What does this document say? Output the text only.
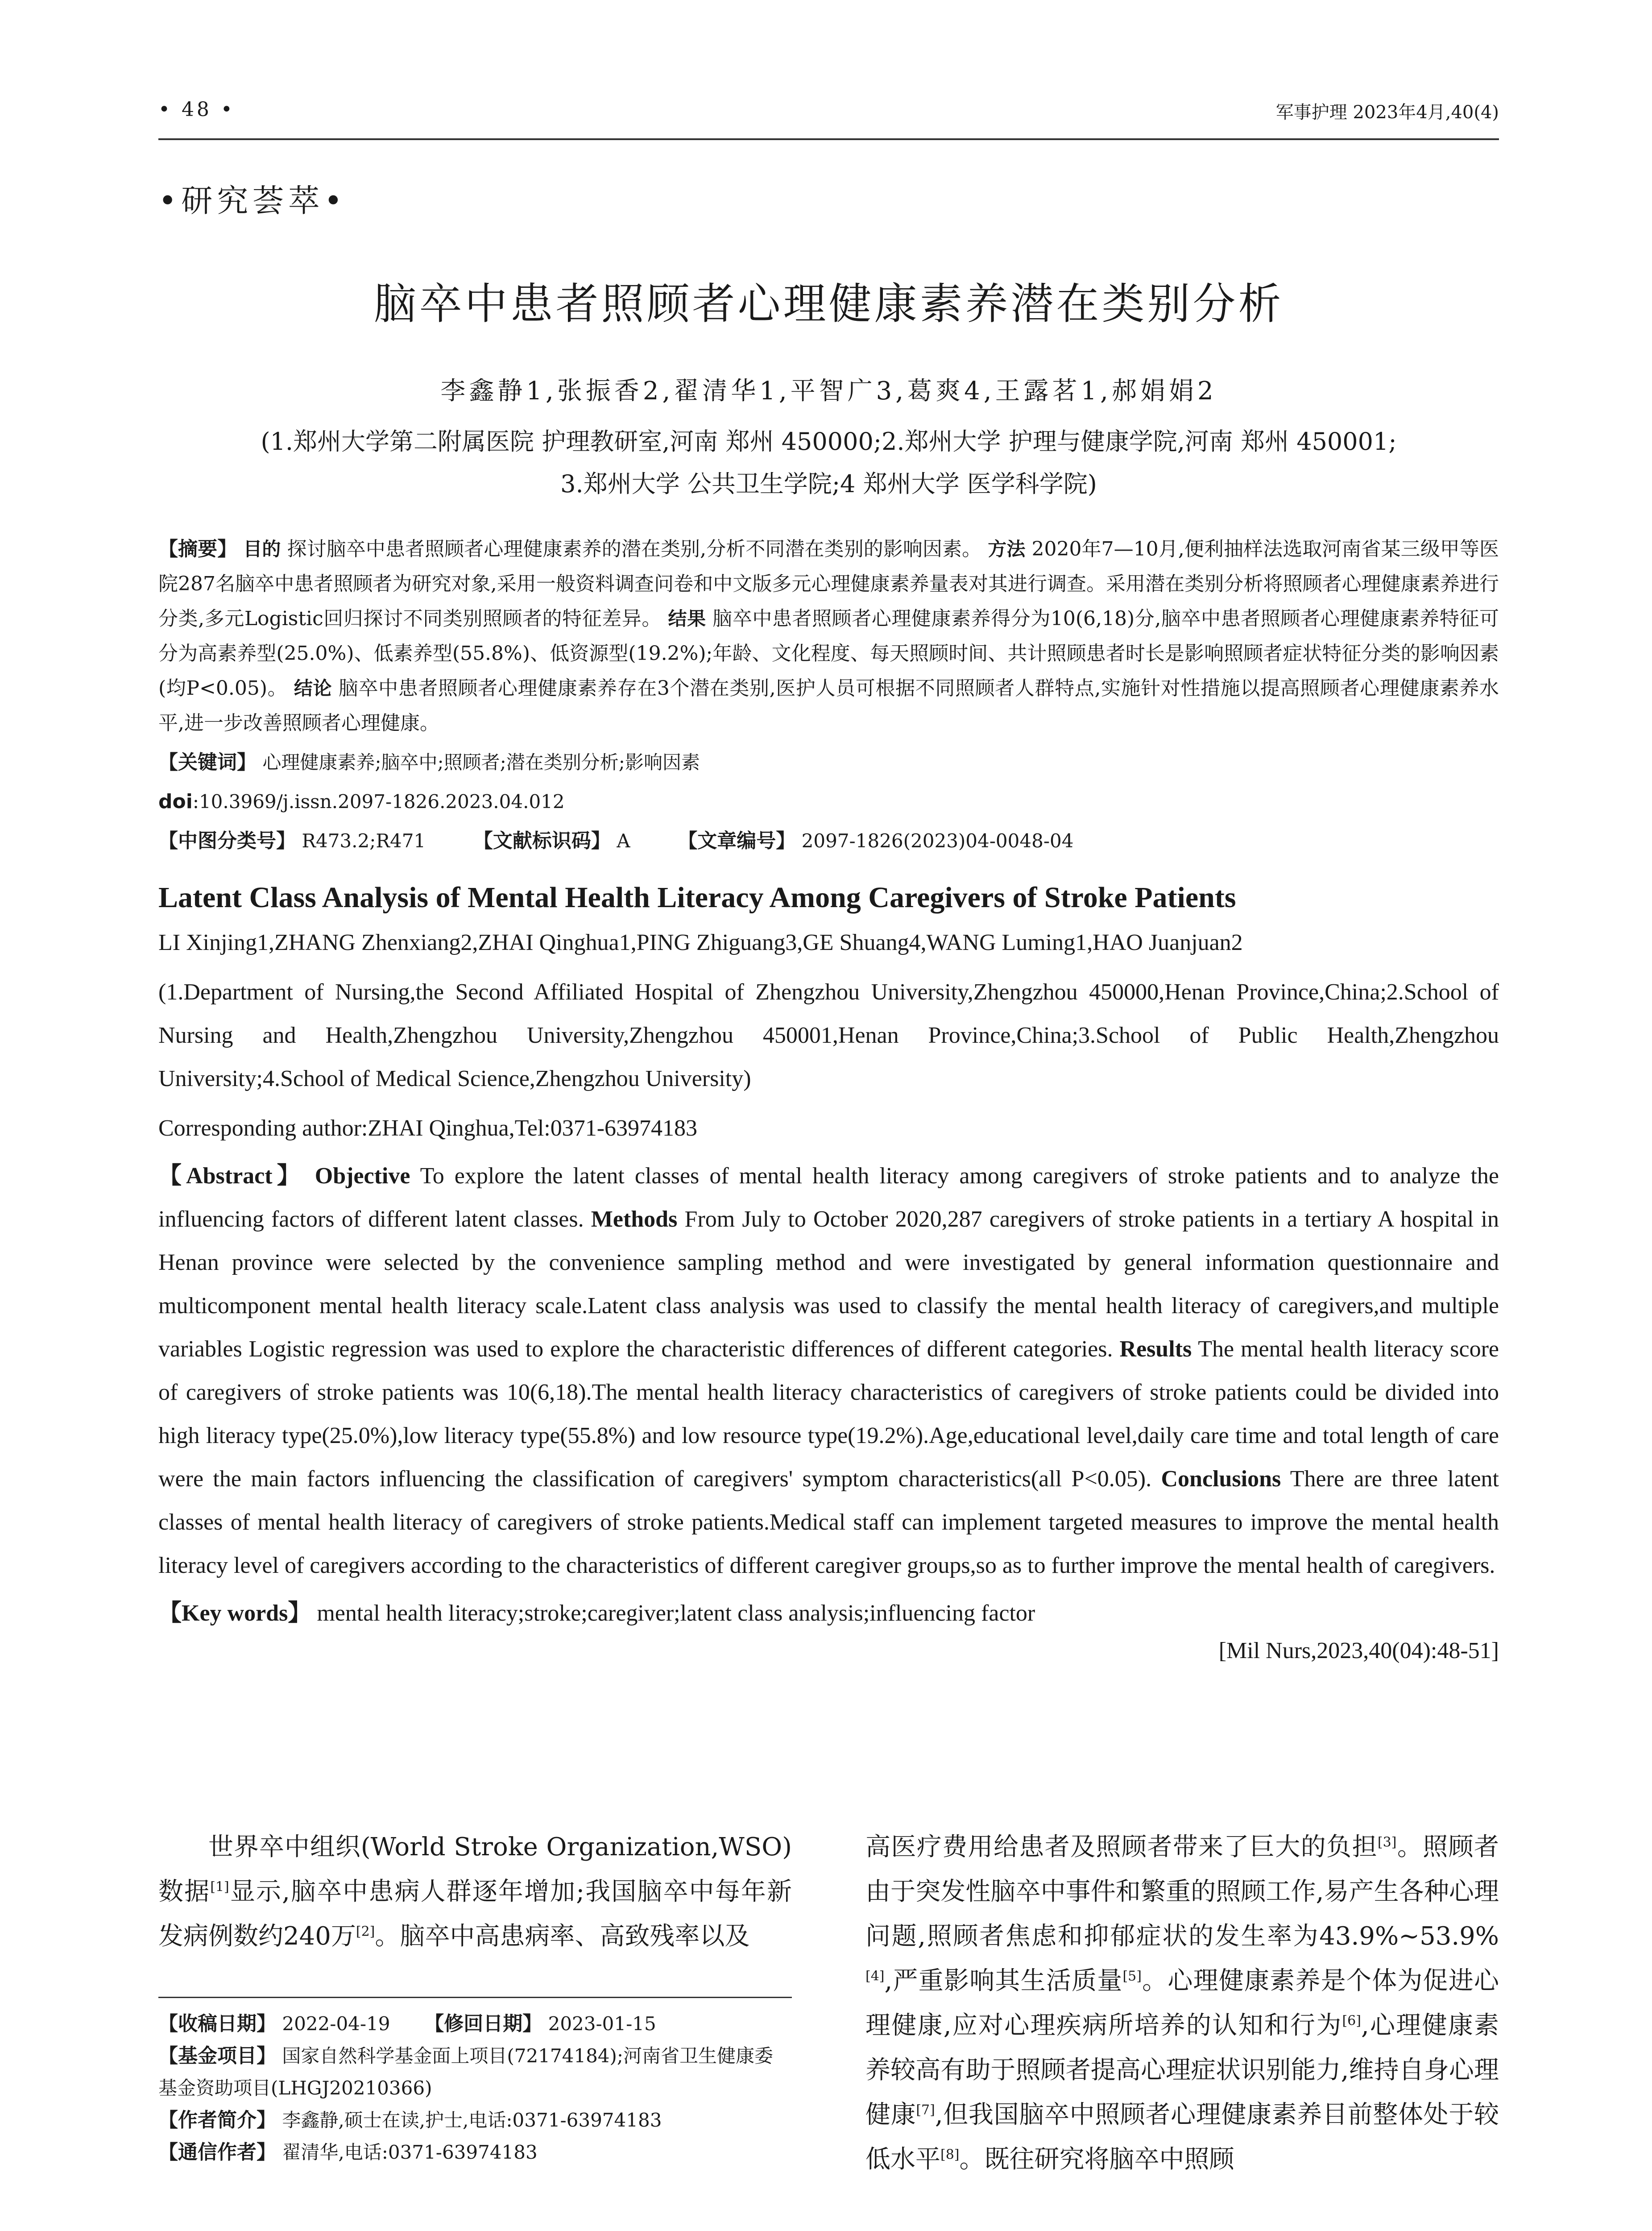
• 48 •	军事护理 2023年4月,40(4)
•研究荟萃•
脑卒中患者照顾者心理健康素养潜在类别分析
李鑫静1,张振香2,翟清华1,平智广3,葛爽4,王露茗1,郝娟娟2
(1.郑州大学第二附属医院 护理教研室,河南 郑州 450000;2.郑州大学 护理与健康学院,河南 郑州 450001;
3.郑州大学 公共卫生学院;4 郑州大学 医学科学院)
【摘要】 目的 探讨脑卒中患者照顾者心理健康素养的潜在类别,分析不同潜在类别的影响因素。 方法 2020年7—10月,便利抽样法选取河南省某三级甲等医院287名脑卒中患者照顾者为研究对象,采用一般资料调查问卷和中文版多元心理健康素养量表对其进行调查。采用潜在类别分析将照顾者心理健康素养进行分类,多元Logistic回归探讨不同类别照顾者的特征差异。 结果 脑卒中患者照顾者心理健康素养得分为10(6,18)分,脑卒中患者照顾者心理健康素养特征可分为高素养型(25.0%)、低素养型(55.8%)、低资源型(19.2%);年龄、文化程度、每天照顾时间、共计照顾患者时长是影响照顾者症状特征分类的影响因素(均P<0.05)。 结论 脑卒中患者照顾者心理健康素养存在3个潜在类别,医护人员可根据不同照顾者人群特点,实施针对性措施以提高照顾者心理健康素养水平,进一步改善照顾者心理健康。
【关键词】 心理健康素养;脑卒中;照顾者;潜在类别分析;影响因素
doi:10.3969/j.issn.2097-1826.2023.04.012
【中图分类号】 R473.2;R471 【文献标识码】 A 【文章编号】 2097-1826(2023)04-0048-04
Latent Class Analysis of Mental Health Literacy Among Caregivers of Stroke Patients
LI Xinjing1,ZHANG Zhenxiang2,ZHAI Qinghua1,PING Zhiguang3,GE Shuang4,WANG Luming1,HAO Juanjuan2
(1.Department of Nursing,the Second Affiliated Hospital of Zhengzhou University,Zhengzhou 450000,Henan Province,China;2.School of Nursing and Health,Zhengzhou University,Zhengzhou 450001,Henan Province,China;3.School of Public Health,Zhengzhou University;4.School of Medical Science,Zhengzhou University)
Corresponding author:ZHAI Qinghua,Tel:0371-63974183
【Abstract】 Objective To explore the latent classes of mental health literacy among caregivers of stroke patients and to analyze the influencing factors of different latent classes. Methods From July to October 2020,287 caregivers of stroke patients in a tertiary A hospital in Henan province were selected by the convenience sampling method and were investigated by general information questionnaire and multicomponent mental health literacy scale.Latent class analysis was used to classify the mental health literacy of caregivers,and multiple variables Logistic regression was used to explore the characteristic differences of different categories. Results The mental health literacy score of caregivers of stroke patients was 10(6,18).The mental health literacy characteristics of caregivers of stroke patients could be divided into high literacy type(25.0%),low literacy type(55.8%) and low resource type(19.2%).Age,educational level,daily care time and total length of care were the main factors influencing the classification of caregivers' symptom characteristics(all P<0.05). Conclusions There are three latent classes of mental health literacy of caregivers of stroke patients.Medical staff can implement targeted measures to improve the mental health literacy level of caregivers according to the characteristics of different caregiver groups,so as to further improve the mental health of caregivers.
【Key words】 mental health literacy;stroke;caregiver;latent class analysis;influencing factor
[Mil Nurs,2023,40(04):48-51]
世界卒中组织(World Stroke Organization,WSO)数据[1]显示,脑卒中患病人群逐年增加;我国脑卒中每年新发病例数约240万[2]。脑卒中高患病率、高致残率以及
【收稿日期】 2022-04-19 【修回日期】 2023-01-15
【基金项目】 国家自然科学基金面上项目(72174184);河南省卫生健康委基金资助项目(LHGJ20210366)
【作者简介】 李鑫静,硕士在读,护士,电话:0371-63974183
【通信作者】 翟清华,电话:0371-63974183
高医疗费用给患者及照顾者带来了巨大的负担[3]。照顾者由于突发性脑卒中事件和繁重的照顾工作,易产生各种心理问题,照顾者焦虑和抑郁症状的发生率为43.9%~53.9%[4],严重影响其生活质量[5]。心理健康素养是个体为促进心理健康,应对心理疾病所培养的认知和行为[6],心理健康素养较高有助于照顾者提高心理症状识别能力,维持自身心理健康[7],但我国脑卒中照顾者心理健康素养目前整体处于较低水平[8]。既往研究将脑卒中照顾
